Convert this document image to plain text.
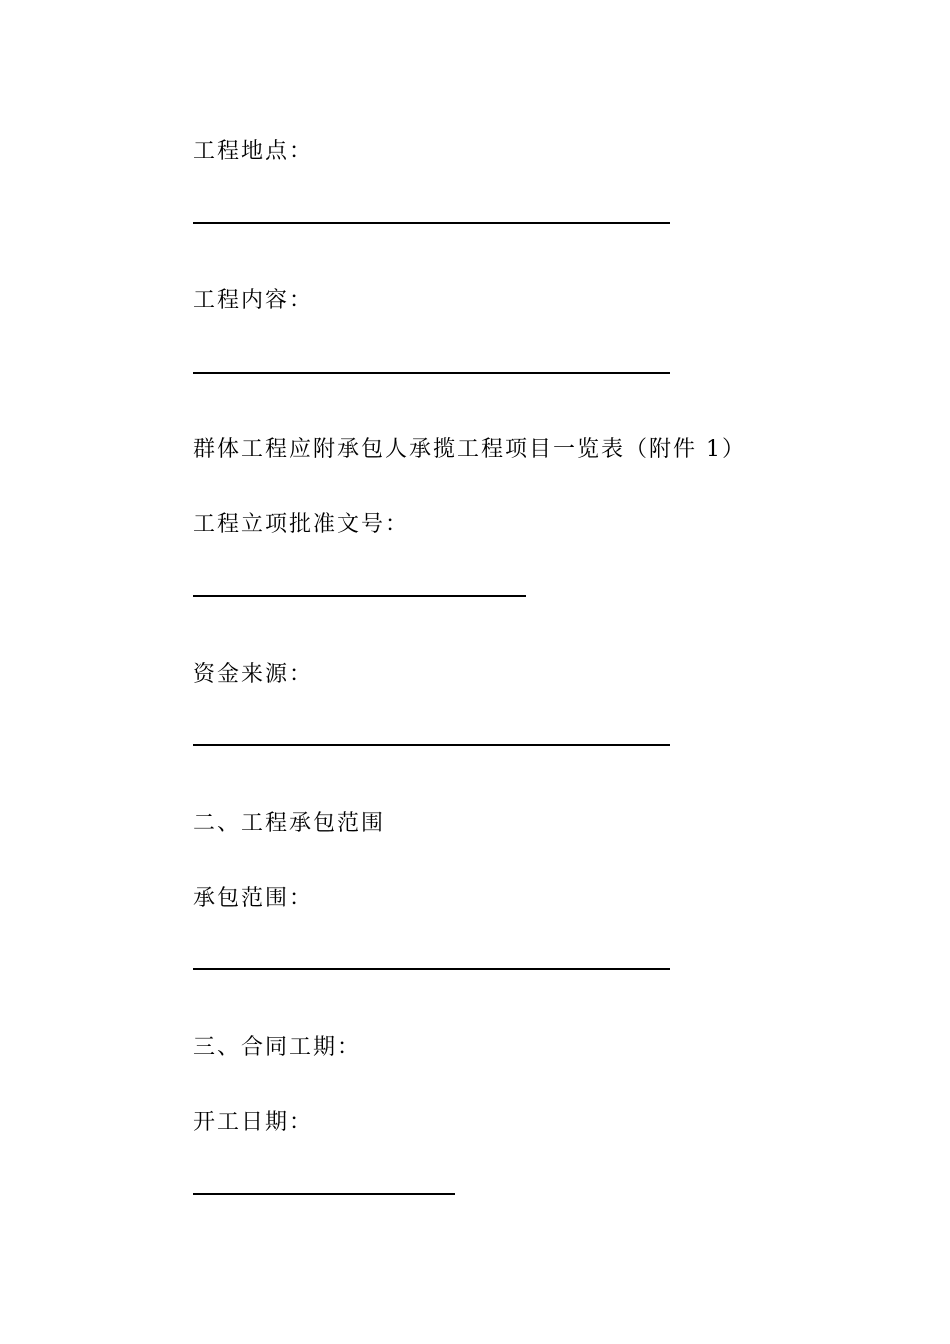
工程地点：

工程内容：

群体工程应附承包人承揽工程项目一览表（附件 1）

工程立项批准文号：

资金来源：

二、工程承包范围

承包范围：

三、合同工期：

开工日期：
